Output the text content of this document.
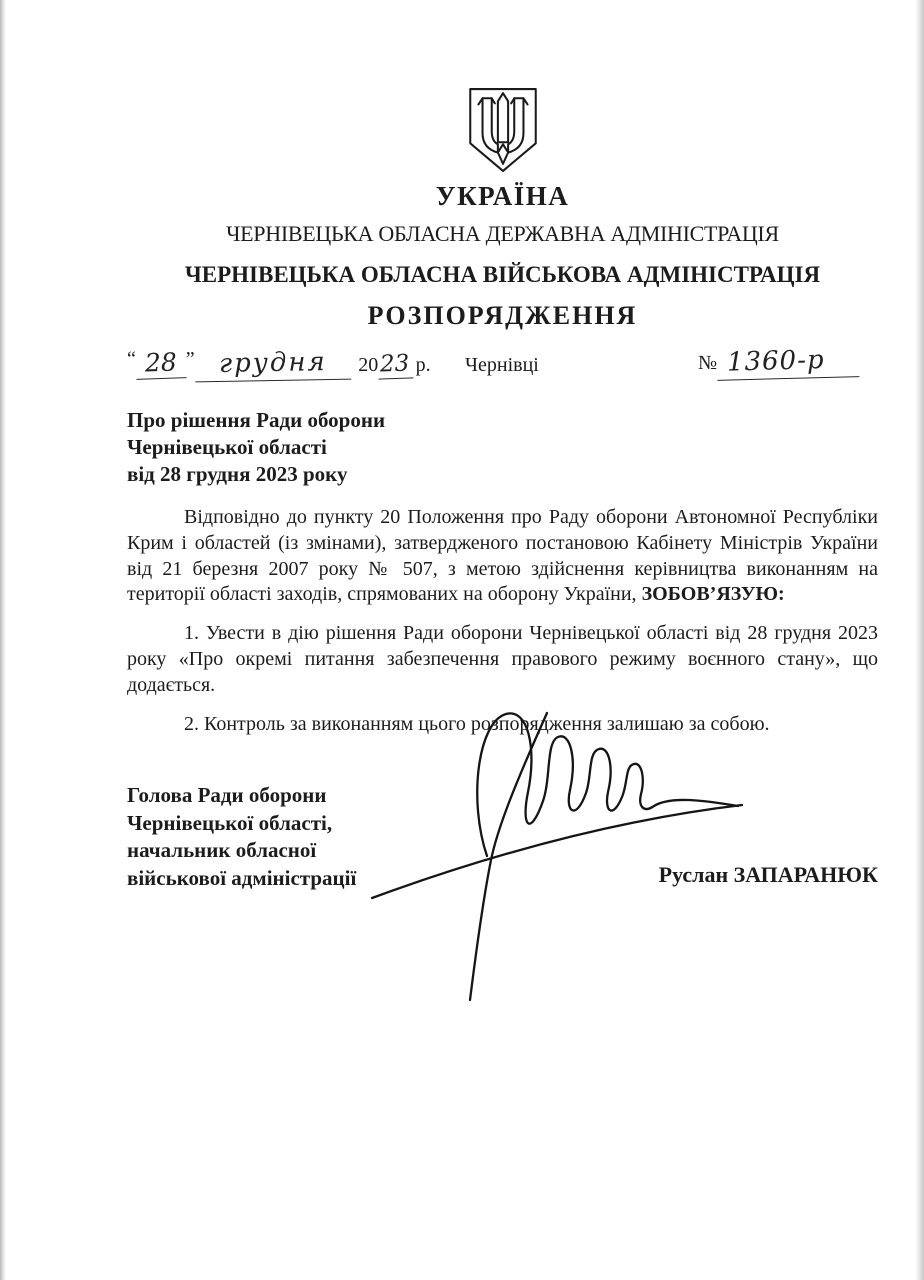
УКРАЇНА
ЧЕРНІВЕЦЬКА ОБЛАСНА ДЕРЖАВНА АДМІНІСТРАЦІЯ
ЧЕРНІВЕЦЬКА ОБЛАСНА ВІЙСЬКОВА АДМІНІСТРАЦІЯ
РОЗПОРЯДЖЕННЯ
“ 28 ” грудня 2023 р. Чернівці	№ 1360-р
Про рішення Ради оборони
Чернівецької області
від 28 грудня 2023 року

Відповідно до пункту 20 Положення про Раду оборони Автономної Республіки Крим і областей (із змінами), затвердженого постановою Кабінету Міністрів України від 21 березня 2007 року № 507, з метою здійснення керівництва виконанням на території області заходів, спрямованих на оборону України, ЗОБОВ’ЯЗУЮ:

1. Увести в дію рішення Ради оборони Чернівецької області від 28 грудня 2023 року «Про окремі питання забезпечення правового режиму воєнного стану», що додається.

2. Контроль за виконанням цього розпорядження залишаю за собою.

Голова Ради оборони
Чернівецької області,
начальник обласної
військової адміністрації	Руслан ЗАПАРАНЮК
